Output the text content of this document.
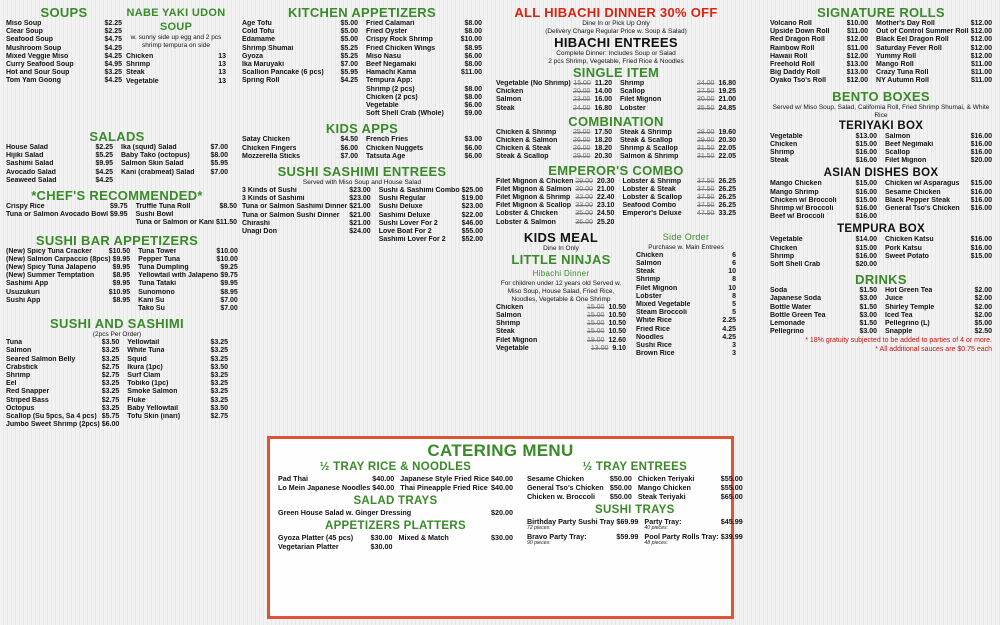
SOUPS
Miso Soup	$2.25
Clear Soup	$2.25
Seafood Soup	$4.75
Mushroom Soup	$4.25
Mixed Veggie Miso	$4.25
Curry Seafood Soup	$4.95
Hot and Sour Soup	$3.25
Tom Yam Goong	$4.25
NABE YAKI UDON SOUP
w. sunny side up egg and 2 pcs shrimp tempura on side
Chicken	13
Shrimp	13
Steak	13
Vegetable	13
SALADS
House Salad	$2.25
Hijiki Salad	$5.25
Sashimi Salad	$9.95
Avocado Salad	$4.25
Seaweed Salad	$4.25
Ika (squid) Salad	$7.00
Baby Tako (octopus)	$8.00
Salmon Skin Salad	$5.95
Kani (crabmeat) Salad $7.00
*CHEF'S RECOMMENDED*
Crispy Rice	$9.75
Tuna or Salmon Avocado Bowl $9.95
Truffle Tuna Roll	$8.50
Sushi Bowl
Tuna or Salmon or Kani $11.50
SUSHI BAR APPETIZERS
(New) Spicy Tuna Cracker $10.50
(New) Salmon Carpaccio (8pcs) $9.95
(New) Spicy Tuna Jalapeno $9.95
(New) Summer Temptation	$8.95
Sashimi App	$9.95
Usuzukuri	$10.95
Sushi App	$8.95
Tuna Tower	$10.00
Pepper Tuna	$10.00
Tuna Dumpling	$9.25
Yellowtail with Jalapeno $9.75
Tuna Tataki	$9.95
Sunomono	$8.95
Kani Su	$7.00
Tako Su	$7.00
SUSHI AND SASHIMI
(2pcs Per Order)
Tuna	$3.50
Salmon	$3.25
Seared Salmon Belly	$3.25
Crabstick	$2.75
Shrimp	$2.75
Eel	$3.25
Red Snapper	$3.25
Striped Bass	$2.75
Octopus	$3.25
Scallop (Su 5pcs, Sa 4 pcs) $5.75
Jumbo Sweet Shrimp (2pcs) $6.00
Yellowtail	$3.25
White Tuna	$3.25
Squid	$3.25
Ikura (1pc)	$3.50
Surf Clam	$3.25
Tobiko (1pc)	$3.25
Smoke Salmon	$3.25
Fluke	$3.25
Baby Yellowtail	$3.50
Tofu Skin (inari)	$2.75
KITCHEN APPETIZERS
Age Tofu	$5.00
Cold Tofu	$5.00
Edamame	$5.00
Shrimp Shumai	$5.25
Gyoza	$5.25
Ika Maruyaki	$7.00
Scallion Pancake (6 pcs) $5.95
Spring Roll	$4.25
Fried Calamari	$8.00
Fried Oyster	$8.00
Crispy Rock Shrimp	$10.00
Fried Chicken Wings	$8.95
Miso Nasu	$6.00
Beef Negamaki	$8.00
Hamachi Kama	$11.00
Tempura App:
Shrimp (2 pcs)	$8.00
Chicken (2 pcs)	$8.00
Vegetable	$6.00
Soft Shell Crab (Whole)	$9.00
KIDS APPS
Satay Chicken	$4.50
Chicken Fingers	$6.00
Mozzerella Sticks	$7.00
French Fries	$3.00
Chicken Nuggets	$6.00
Tatsuta Age	$6.00
SUSHI SASHIMI ENTREES
Served with Miso Soup and House Salad
3 Kinds of Sushi	$23.00
3 Kinds of Sashimi	$23.00
Tuna or Salmon Sashimi Dinner $21.00
Tuna or Salmon Sushi Dinner $21.00
Chirashi	$21.00
Unagi Don	$24.00
Sushi & Sashimi Combo $25.00
Sushi Regular	$19.00
Sushi Deluxe	$23.00
Sashimi Deluxe	$22.00
Sushi Lover For 2	$46.00
Love Boat For 2	$55.00
Sashimi Lover For 2 $52.00
ALL HIBACHI DINNER 30% OFF
Dine In or Pick Up Only
(Delivery Charge Regular Price w. Soup & Salad)
HIBACHI ENTREES
Complete Dinner: Includes Soup or Salad
2 pcs Shrimp, Vegetable, Fried Rice & Noodles
SINGLE ITEM
Vegetable (No Shrimp) 15.00 11.20
Chicken	20.00 14.00
Salmon	23.00 16.00
Steak	24.00 16.80
Shrimp	24.00 16.80
Scallop	27.50 19.25
Filet Mignon	30.00 21.00
Lobster	35.50 24.85
COMBINATION
Chicken & Shrimp 25.00 17.50
Chicken & Salmon 26.00 18.20
Chicken & Steak	26.00 18.20
Steak & Scallop	29.00 20.30
Steak & Shrimp	28.00 19.60
Steak & Scallop	29.00 20.30
Shrimp & Scallop	31.50 22.05
Salmon & Shrimp	31.50 22.05
EMPEROR'S COMBO
Filet Mignon & Chicken 29.00 20.30
Filet Mignon & Salmon 30.00 21.00
Filet Mignon & Shrimp 32.00 22.40
Filet Mignon & Scallop 33.00 23.10
Lobster & Chicken	35.00 24.50
Lobster & Salmon	36.00 25.20
Lobster & Shrimp 37.50 26.25
Lobster & Steak	37.50 26.25
Lobster & Scallop 37.50 26.25
Seafood Combo	37.50 26.25
Emperor's Deluxe 47.50 33.25
KIDS MEAL
Dine In Only
LITTLE NINJAS
Hibachi Dinner
For children under 12 years old Served w. Miso Soup, House Salad, Fried Rice, Noodles, Vegetable & One Shrimp
Chicken	15.00 10.50
Salmon	15.00 10.50
Shrimp	15.00 10.50
Steak	15.00 10.50
Filet Mignon	18.00 12.60
Vegetable	13.00 9.10
Side Order
Purchase w. Main Entrees
Chicken	6
Salmon	6
Steak	10
Shrimp	8
Filet Mignon	10
Lobster	8
Mixed Vegetable	5
Steam Broccoli	5
White Rice	2.25
Fried Rice	4.25
Noodles	4.25
Sushi Rice	3
Brown Rice	3
SIGNATURE ROLLS
Volcano Roll	$10.00
Upside Down Roll $11.00
Red Dragon Roll	$12.00
Rainbow Roll	$11.00
Hawaii Roll	$12.00
Freehold Roll	$13.00
Big Daddy Roll	$13.00
Oyako Tso's Roll	$12.00
Mother's Day Roll	$12.00
Out of Control Summer Roll $12.00
Black Eel Dragon Roll	$12.00
Saturday Fever Roll	$12.00
Yummy Roll	$12.00
Mango Roll	$11.00
Crazy Tuna Roll	$11.00
NY Autumn Roll	$11.00
BENTO BOXES
Served w/ Miso Soup, Salad, California Roll, Fried Shrimp Shumai, & White Rice
TERIYAKI BOX
Vegetable	$13.00
Chicken	$15.00
Shrimp	$16.00
Steak	$16.00
Salmon	$16.00
Beef Negimaki	$16.00
Scallop	$16.00
Filet Mignon	$20.00
ASIAN DISHES BOX
Mango Chicken	$15.00
Mango Shrimp	$16.00
Chicken w/ Broccoli	$15.00
Shrimp w/ Broccoli	$16.00
Beef w/ Broccoli	$16.00
Chicken w/ Asparagus $15.00
Sesame Chicken	$16.00
Black Pepper Steak	$16.00
General Tso's Chicken $16.00
TEMPURA BOX
Vegetable	$14.00
Chicken	$15.00
Shrimp	$16.00
Soft Shell Crab	$20.00
Chicken Katsu	$16.00
Pork Katsu	$16.00
Sweet Potato	$15.00
DRINKS
Soda	$1.50
Japanese Soda	$3.00
Bottle Water	$1.50
Bottle Green Tea	$3.00
Lemonade	$1.50
Pellegrino	$3.00
Hot Green Tea	$2.00
Juice	$2.00
Shirley Temple	$2.00
Iced Tea	$2.00
Pellegrino (L)	$5.00
Snapple	$2.50
* 18% gratuity subjected to be added to parties of 4 or more.
* All additional sauces are $0.75 each
CATERING MENU
½ TRAY RICE & NOODLES
Pad Thai	$40.00
Lo Mein Japanese Noodles $40.00
Japanese Style Fried Rice $40.00
Thai Pineapple Fried Rice $40.00
SALAD TRAYS
Green House Salad w. Ginger Dressing	$20.00
APPETIZERS PLATTERS
Gyoza Platter (45 pcs) $30.00
Vegetarian Platter	$30.00
Mixed & Match	$30.00
½ TRAY ENTREES
Sesame Chicken	$50.00
General Tso's Chicken $50.00
Chicken w. Broccoli $50.00
Chicken Teriyaki	$55.00
Mango Chicken	$55.00
Steak Teriyaki	$65.00
SUSHI TRAYS
Birthday Party Sushi Tray $69.99
72 pieces:
Bravo Party Tray:	$59.99
90 pieces:
Party Tray:	$45.99
40 pieces:
Pool Party Rolls Tray: $39.99
48 pieces:
